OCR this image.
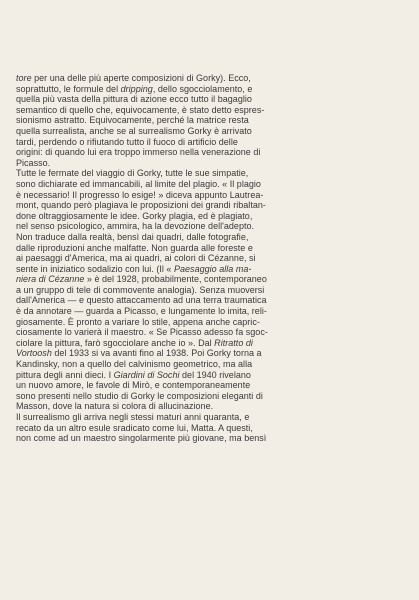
tore per una delle più aperte composizioni di Gorky). Ecco,
soprattutto, le formule del dripping, dello sgocciolamento, e
quella più vasta della pittura di azione ecco tutto il bagaglio
semantico di quello che, equivocamente, è stato detto espres-
sionismo astratto. Equivocamente, perché la matrice resta
quella surrealista, anche se al surrealismo Gorky è arrivato
tardi, perdendo o rifiutando tutto il fuoco di artificio delle
origini: di quando lui era troppo immerso nella venerazione di
Picasso.
Tutte le fermate del viaggio di Gorky, tutte le sue simpatie,
sono dichiarate ed immancabili, al limite del plagio. « Il plagio
è necessario! Il progresso lo esige! » diceva appunto Lautrea-
mont, quando però plagiava le proposizioni dei grandi ribaltan-
done oltraggiosamente le idee. Gorky plagia, ed è plagiato,
nel senso psicologico, ammira, ha la devozione dell'adepto.
Non traduce dalla realtà, bensì dai quadri, dalle fotografie,
dalle riproduzioni anche malfatte. Non guarda alle foreste e
ai paesaggi d'America, ma ai quadri, ai colori di Cézanne, si
sente in iniziatico sodalizio con lui. (Il « Paesaggio alla ma-
niera di Cézanne » è del 1928, probabilmente, contemporaneo
a un gruppo di tele di commovente analogia). Senza muoversi
dall'America — e questo attaccamento ad una terra traumatica
è da annotare — guarda a Picasso, e lungamente lo imita, reli-
giosamente. È pronto a variare lo stile, appena anche capric-
ciosamente lo varierà il maestro. « Se Picasso adesso fa sgoc-
ciolare la pittura, farò sgocciolare anche io ». Dal Ritratto di
Vortoosh del 1933 si va avanti fino al 1938. Poi Gorky torna a
Kandinsky, non a quello del calvinismo geometrico, ma alla
pittura degli anni dieci. I Giardini di Sochi del 1940 rivelano
un nuovo amore, le favole di Mirò, e contemporaneamente
sono presenti nello studio di Gorky le composizioni eleganti di
Masson, dove la natura si colora di allucinazione.
Il surrealismo gli arriva negli stessi maturi anni quaranta, e
recato da un altro esule sradicato come lui, Matta. A questi,
non come ad un maestro singolarmente più giovane, ma bensì
